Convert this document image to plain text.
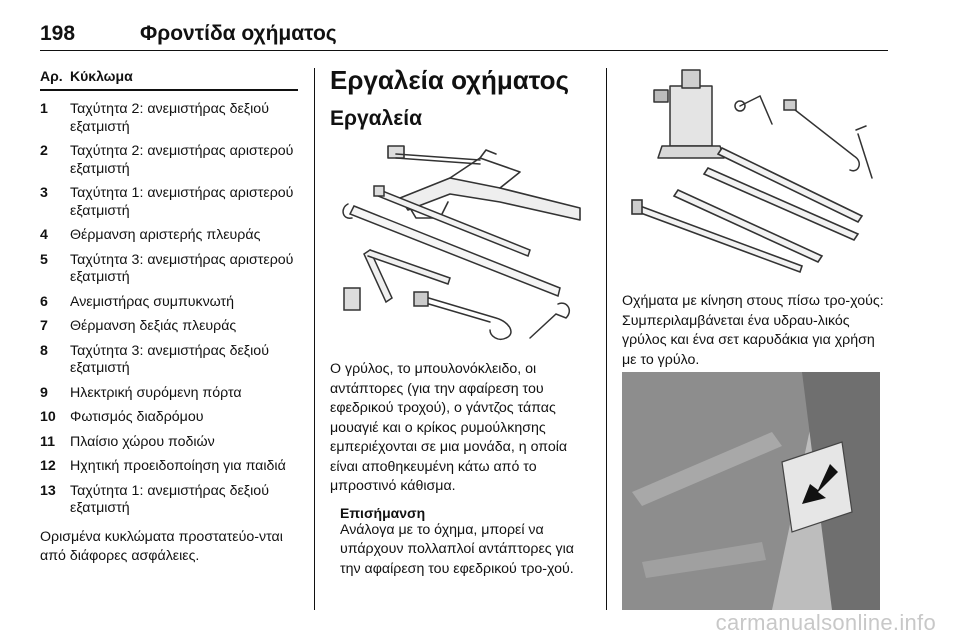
198	Φροντίδα οχήματος
Αρ. Κύκλωμα
1	Ταχύτητα 2: ανεμιστήρας δεξιού εξατμιστή
2	Ταχύτητα 2: ανεμιστήρας αριστερού εξατμιστή
3	Ταχύτητα 1: ανεμιστήρας αριστερού εξατμιστή
4	Θέρμανση αριστερής πλευράς
5	Ταχύτητα 3: ανεμιστήρας αριστερού εξατμιστή
6	Ανεμιστήρας συμπυκνωτή
7	Θέρμανση δεξιάς πλευράς
8	Ταχύτητα 3: ανεμιστήρας δεξιού εξατμιστή
9	Ηλεκτρική συρόμενη πόρτα
10	Φωτισμός διαδρόμου
11	Πλαίσιο χώρου ποδιών
12	Ηχητική προειδοποίηση για παιδιά
13	Ταχύτητα 1: ανεμιστήρας δεξιού εξατμιστή
Ορισμένα κυκλώματα προστατεύο-νται από διάφορες ασφάλειες.
Εργαλεία οχήματος
Εργαλεία
Ο γρύλος, το μπουλονόκλειδο, οι αντάπτορες (για την αφαίρεση του εφεδρικού τροχού), ο γάντζος τάπας μουαγιέ και ο κρίκος ρυμούλκησης εμπεριέχονται σε μια μονάδα, η οποία είναι αποθηκευμένη κάτω από το μπροστινό κάθισμα.
Επισήμανση
Ανάλογα με το όχημα, μπορεί να υπάρχουν πολλαπλοί αντάπτορες για την αφαίρεση του εφεδρικού τρο-χού.
Οχήματα με κίνηση στους πίσω τρο-χούς: Συμπεριλαμβάνεται ένα υδραυ-λικός γρύλος και ένα σετ καρυδάκια για χρήση με το γρύλο.
carmanualsonline.info
